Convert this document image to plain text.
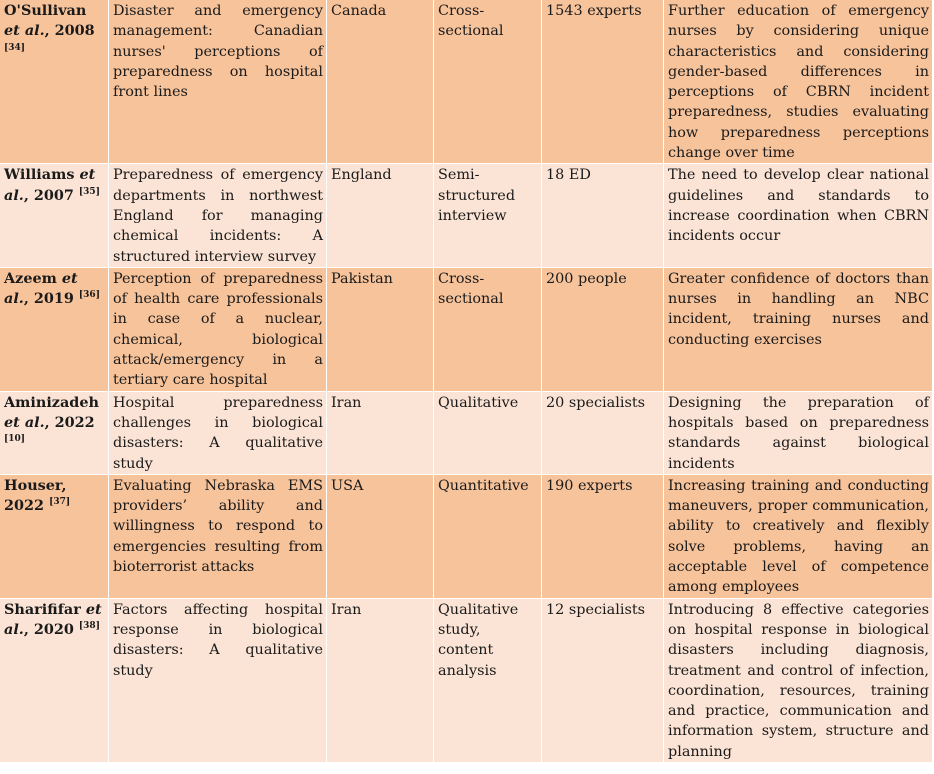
O'Sullivan et al., 2008 [34]	Disaster and emergency management: Canadian nurses' perceptions of preparedness on hospital front lines	Canada	Cross-sectional	1543 experts	Further education of emergency nurses by considering unique characteristics and considering gender-based differences in perceptions of CBRN incident preparedness, studies evaluating how preparedness perceptions change over time
Williams et al., 2007 [35]	Preparedness of emergency departments in northwest England for managing chemical incidents: A structured interview survey	England	Semi-structured interview	18 ED	The need to develop clear national guidelines and standards to increase coordination when CBRN incidents occur
Azeem et al., 2019 [36]	Perception of preparedness of health care professionals in case of a nuclear, chemical, biological attack/emergency in a tertiary care hospital	Pakistan	Cross-sectional	200 people	Greater confidence of doctors than nurses in handling an NBC incident, training nurses and conducting exercises
Aminizadeh et al., 2022 [10]	Hospital preparedness challenges in biological disasters: A qualitative study	Iran	Qualitative	20 specialists	Designing the preparation of hospitals based on preparedness standards against biological incidents
Houser, 2022 [37]	Evaluating Nebraska EMS providers’ ability and willingness to respond to emergencies resulting from bioterrorist attacks	USA	Quantitative	190 experts	Increasing training and conducting maneuvers, proper communication, ability to creatively and flexibly solve problems, having an acceptable level of competence among employees
Sharififar et al., 2020 [38]	Factors affecting hospital response in biological disasters: A qualitative study	Iran	Qualitative study, content analysis	12 specialists	Introducing 8 effective categories on hospital response in biological disasters including diagnosis, treatment and control of infection, coordination, resources, training and practice, communication and information system, structure and planning
